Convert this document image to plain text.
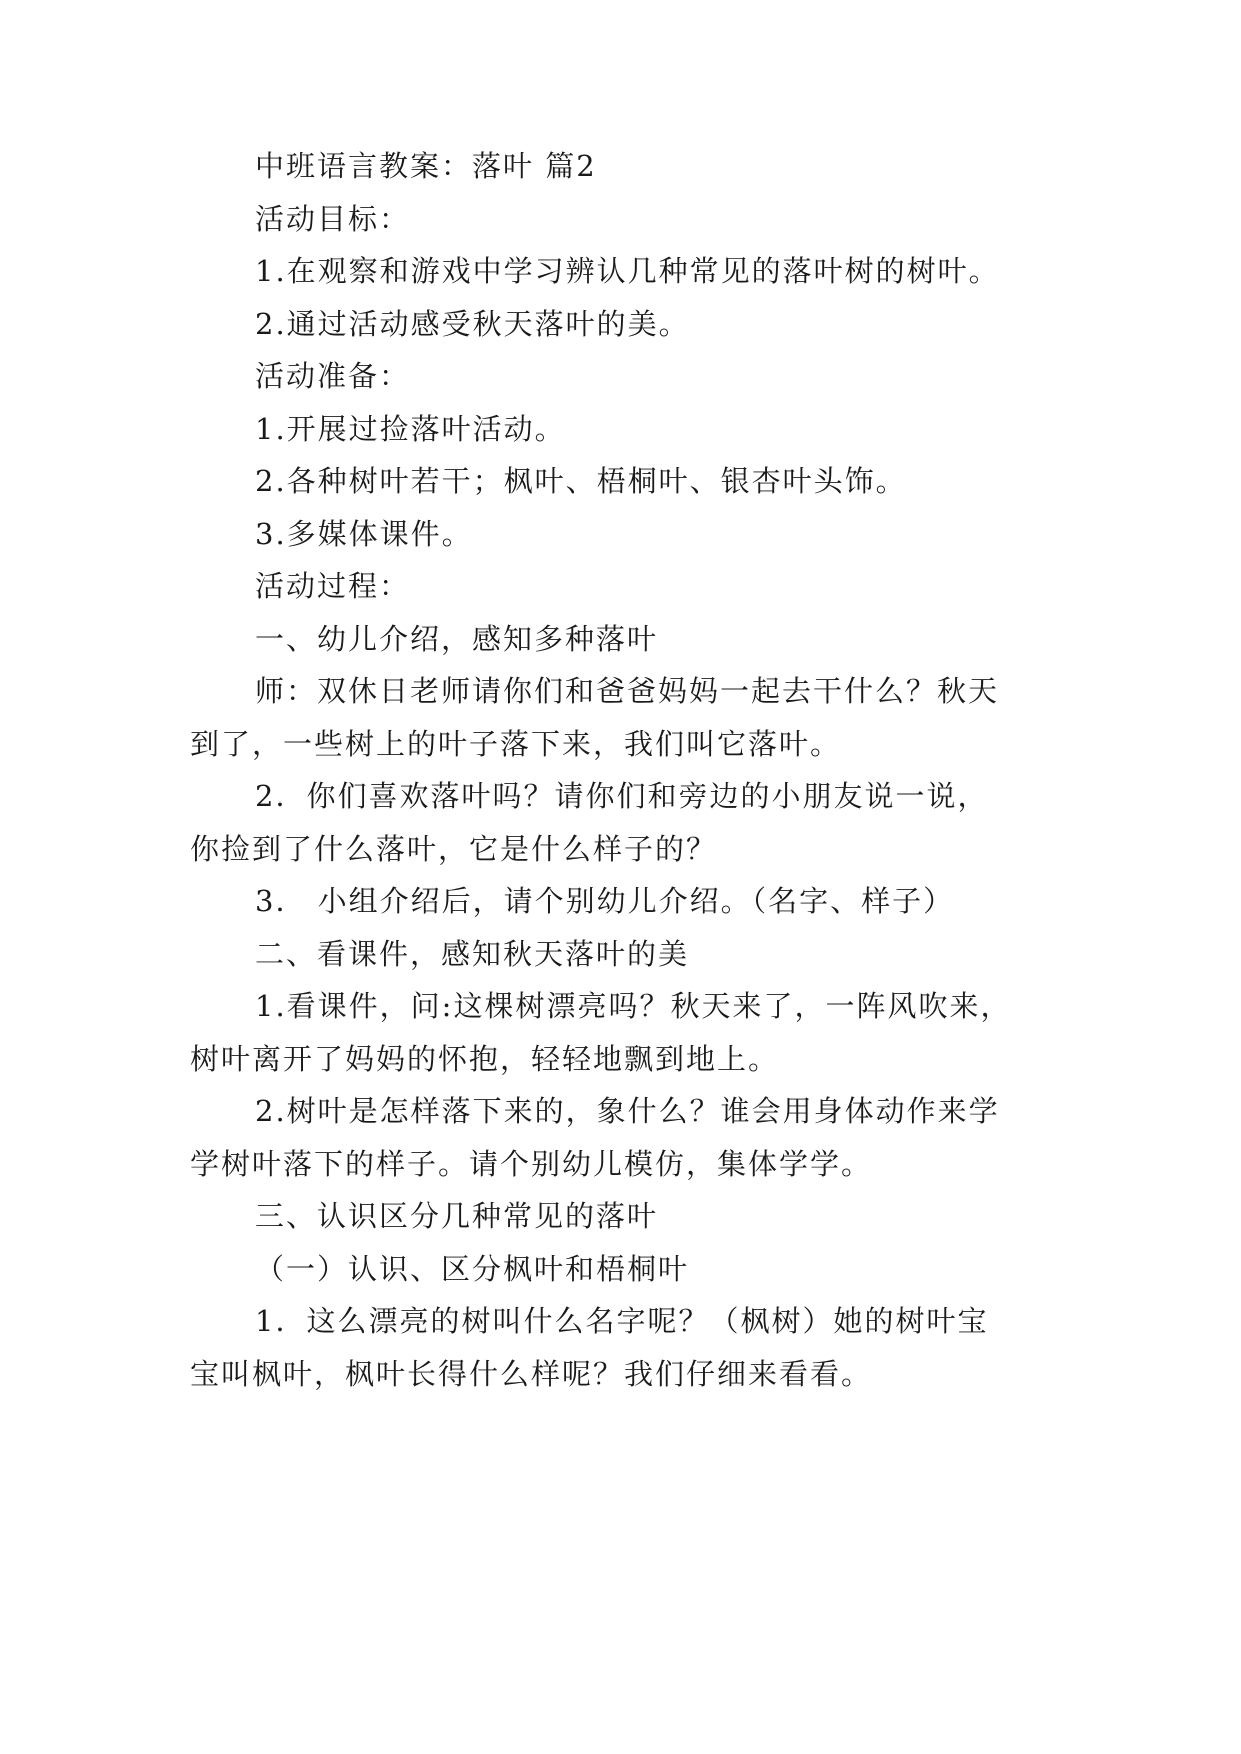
中班语言教案：落叶 篇2
活动目标：
1.在观察和游戏中学习辨认几种常见的落叶树的树叶。
2.通过活动感受秋天落叶的美。
活动准备：
1.开展过捡落叶活动。
2.各种树叶若干；枫叶、梧桐叶、银杏叶头饰。
3.多媒体课件。
活动过程：
一、幼儿介绍，感知多种落叶
师：双休日老师请你们和爸爸妈妈一起去干什么？秋天
到了，一些树上的叶子落下来，我们叫它落叶。
2．你们喜欢落叶吗？请你们和旁边的小朋友说一说，
你捡到了什么落叶，它是什么样子的？
3． 小组介绍后，请个别幼儿介绍。（名字、样子）
二、看课件，感知秋天落叶的美
1.看课件，问:这棵树漂亮吗？秋天来了，一阵风吹来，
树叶离开了妈妈的怀抱，轻轻地飘到地上。
2.树叶是怎样落下来的，象什么？谁会用身体动作来学
学树叶落下的样子。请个别幼儿模仿，集体学学。
三、认识区分几种常见的落叶
（一）认识、区分枫叶和梧桐叶
1．这么漂亮的树叫什么名字呢？（枫树）她的树叶宝
宝叫枫叶，枫叶长得什么样呢？我们仔细来看看。
